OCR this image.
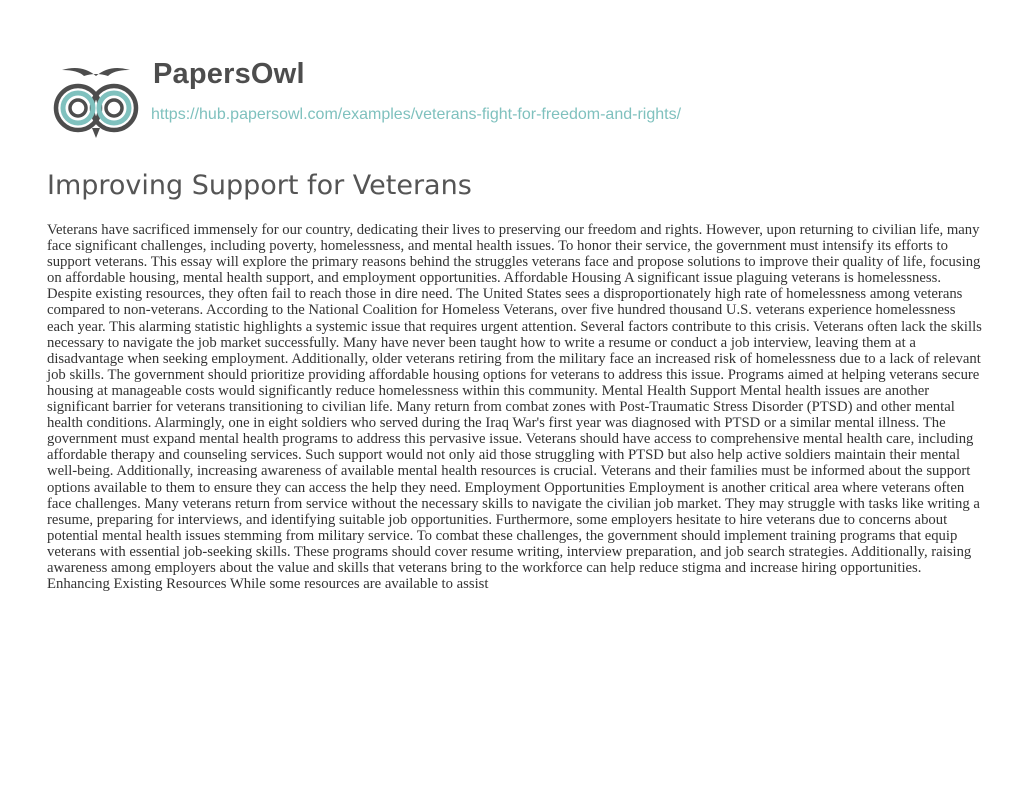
PapersOwl
https://hub.papersowl.com/examples/veterans-fight-for-freedom-and-rights/
Improving Support for Veterans

Veterans have sacrificed immensely for our country, dedicating their lives to preserving our freedom and rights. However, upon returning to civilian life, many face significant challenges, including poverty, homelessness, and mental health issues. To honor their service, the government must intensify its efforts to support veterans. This essay will explore the primary reasons behind the struggles veterans face and propose solutions to improve their quality of life, focusing on affordable housing, mental health support, and employment opportunities. Affordable Housing A significant issue plaguing veterans is homelessness. Despite existing resources, they often fail to reach those in dire need. The United States sees a disproportionately high rate of homelessness among veterans compared to non-veterans. According to the National Coalition for Homeless Veterans, over five hundred thousand U.S. veterans experience homelessness each year. This alarming statistic highlights a systemic issue that requires urgent attention. Several factors contribute to this crisis. Veterans often lack the skills necessary to navigate the job market successfully. Many have never been taught how to write a resume or conduct a job interview, leaving them at a disadvantage when seeking employment. Additionally, older veterans retiring from the military face an increased risk of homelessness due to a lack of relevant job skills. The government should prioritize providing affordable housing options for veterans to address this issue. Programs aimed at helping veterans secure housing at manageable costs would significantly reduce homelessness within this community. Mental Health Support Mental health issues are another significant barrier for veterans transitioning to civilian life. Many return from combat zones with Post-Traumatic Stress Disorder (PTSD) and other mental health conditions. Alarmingly, one in eight soldiers who served during the Iraq War's first year was diagnosed with PTSD or a similar mental illness. The government must expand mental health programs to address this pervasive issue. Veterans should have access to comprehensive mental health care, including affordable therapy and counseling services. Such support would not only aid those struggling with PTSD but also help active soldiers maintain their mental well-being. Additionally, increasing awareness of available mental health resources is crucial. Veterans and their families must be informed about the support options available to them to ensure they can access the help they need. Employment Opportunities Employment is another critical area where veterans often face challenges. Many veterans return from service without the necessary skills to navigate the civilian job market. They may struggle with tasks like writing a resume, preparing for interviews, and identifying suitable job opportunities. Furthermore, some employers hesitate to hire veterans due to concerns about potential mental health issues stemming from military service. To combat these challenges, the government should implement training programs that equip veterans with essential job-seeking skills. These programs should cover resume writing, interview preparation, and job search strategies. Additionally, raising awareness among employers about the value and skills that veterans bring to the workforce can help reduce stigma and increase hiring opportunities. Enhancing Existing Resources While some resources are available to assist
